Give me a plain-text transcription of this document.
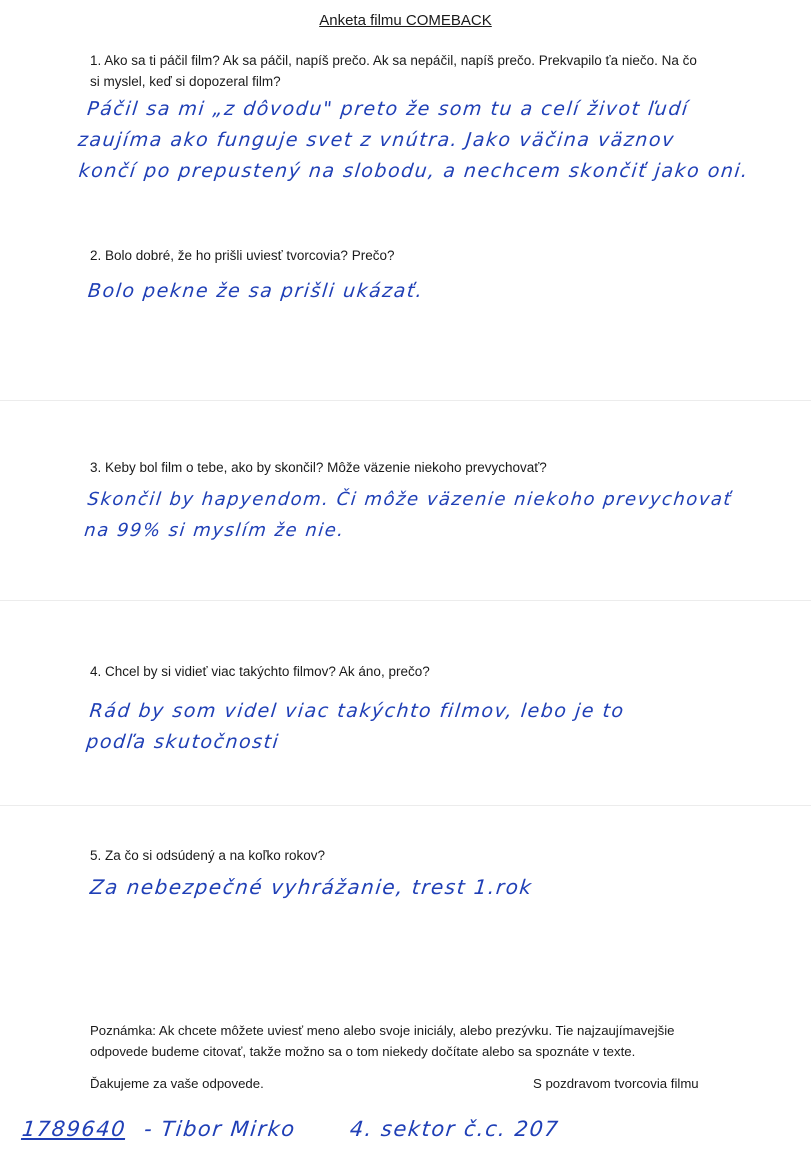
Anketa filmu COMEBACK
1. Ako sa ti páčil film? Ak sa páčil, napíš prečo. Ak sa nepáčil, napíš prečo. Prekvapilo ťa niečo. Na čo
si myslel, keď si dopozeral film?
Páčil sa mi „z dôvodu" preto že som tu a celí život ľudí
zaujíma ako funguje svet z vnútra. Jako väčina väznov
končí po prepustený na slobodu, a nechcem skončiť jako oni.
2. Bolo dobré, že ho prišli uviesť tvorcovia? Prečo?
Bolo pekne že sa prišli ukázať.
3. Keby bol film o tebe, ako by skončil? Môže väzenie niekoho prevychovať?
Skončil by hapyendom. Či môže väzenie niekoho prevychovať
na 99% si myslím že nie.
4. Chcel by si vidieť viac takýchto filmov? Ak áno, prečo?
Rád by som videl viac takýchto filmov, lebo je to
podľa skutočnosti
5. Za čo si odsúdený a na koľko rokov?
Za nebezpečné vyhrážanie, trest 1.rok
Poznámka: Ak chcete môžete uviesť meno alebo svoje iniciály, alebo prezývku. Tie najzaujímavejšie
odpovede budeme citovať, takže možno sa o tom niekedy dočítate alebo sa spoznáte v texte.
Ďakujeme za vaše odpovede.	S pozdravom tvorcovia filmu
1789640 - Tibor Mirko 4. sektor č.c. 207
